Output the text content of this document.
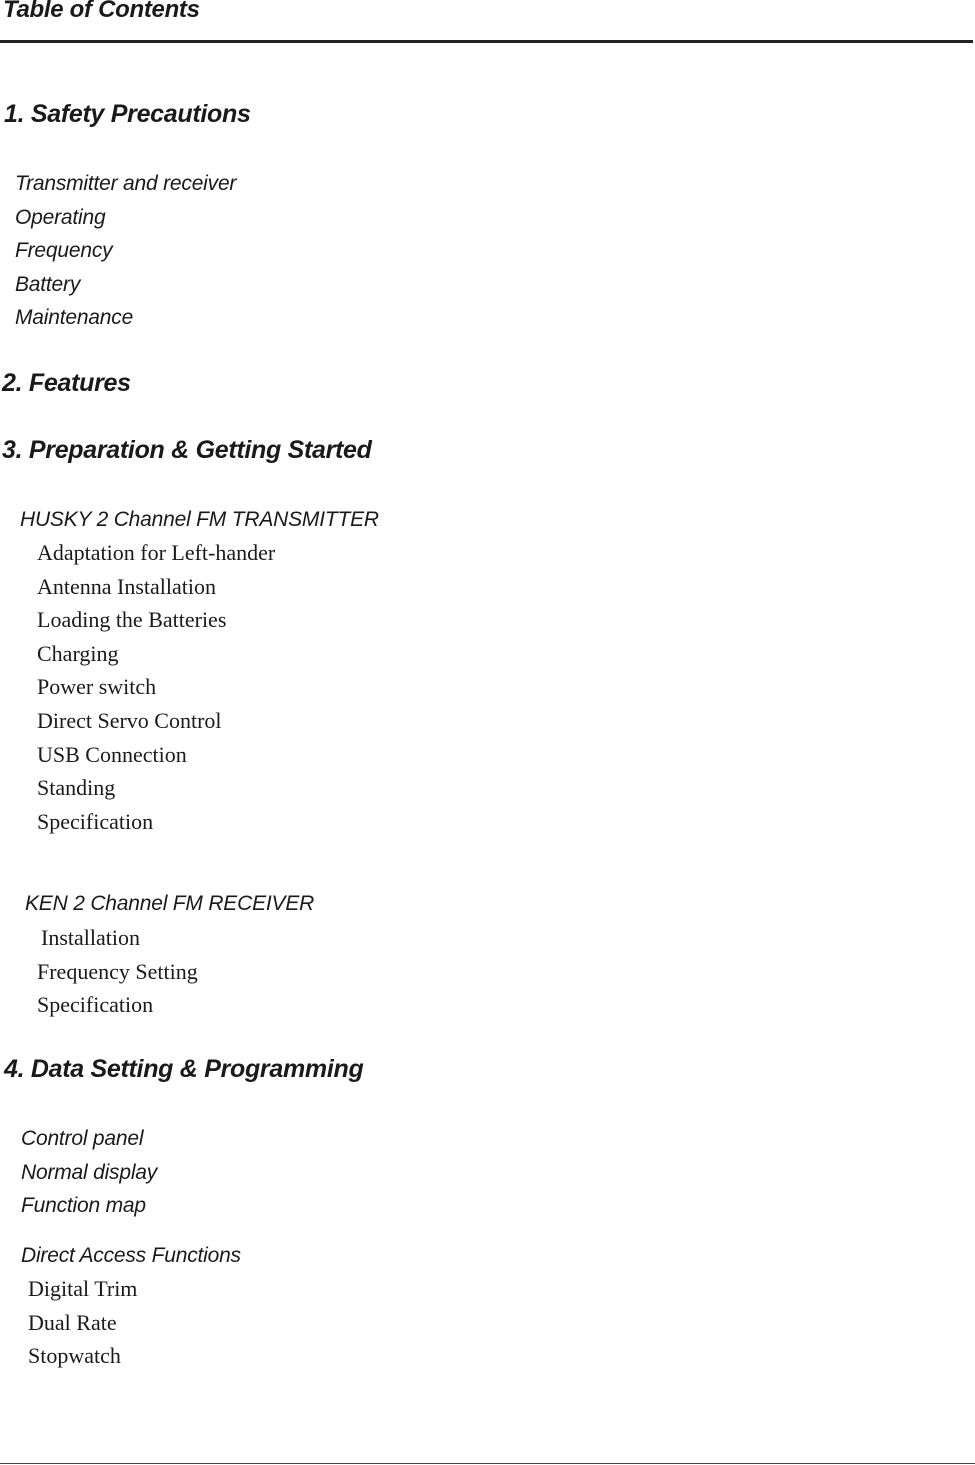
Table of Contents
1. Safety Precautions
Transmitter and receiver
Operating
Frequency
Battery
Maintenance
2. Features
3. Preparation & Getting Started
HUSKY 2 Channel FM TRANSMITTER
Adaptation for Left-hander
Antenna Installation
Loading the Batteries
Charging
Power switch
Direct Servo Control
USB Connection
Standing
Specification
KEN 2 Channel FM RECEIVER
Installation
Frequency Setting
Specification
4. Data Setting & Programming
Control panel
Normal display
Function map
Direct Access Functions
Digital Trim
Dual Rate
Stopwatch
